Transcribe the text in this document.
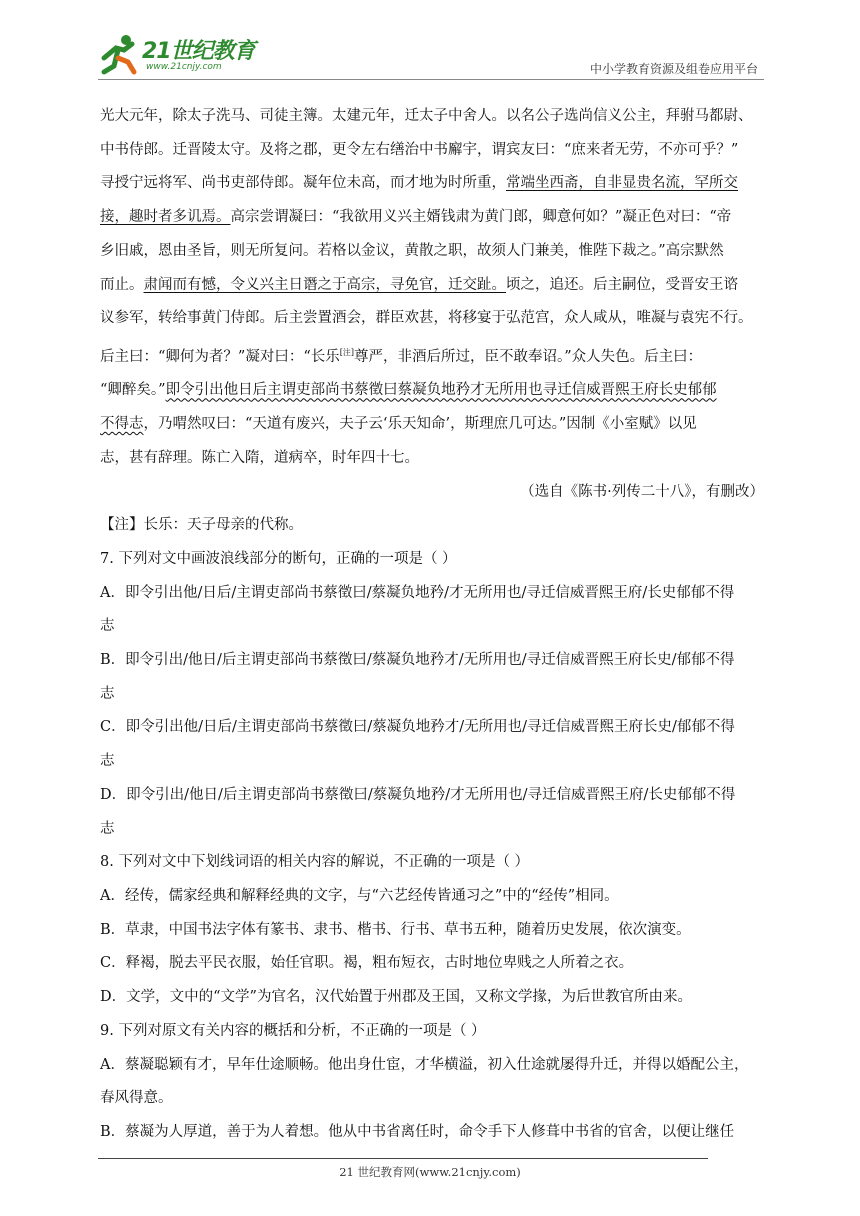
21世纪教育
www.21cnjy.com	中小学教育资源及组卷应用平台

光大元年，除太子洗马、司徒主簿。太建元年，迁太子中舍人。以名公子选尚信义公主，拜驸马都尉、

中书侍郎。迁晋陵太守。及将之郡，更令左右缮治中书廨宇，谓宾友曰：“庶来者无劳，不亦可乎？”

寻授宁远将军、尚书吏部侍郎。凝年位未高，而才地为时所重，常端坐西斋，自非显贵名流，罕所交

接，趣时者多讥焉。高宗尝谓凝曰：“我欲用义兴主婿钱肃为黄门郎，卿意何如？”凝正色对曰：“帝

乡旧戚，恩由圣旨，则无所复问。若格以金议，黄散之职，故须人门兼美，惟陛下裁之。”高宗默然

而止。肃闻而有憾，令义兴主日谮之于高宗，寻免官，迁交趾。顷之，追还。后主嗣位，受晋安王谘

议参军，转给事黄门侍郎。后主尝置酒会，群臣欢甚，将移宴于弘范宫，众人咸从，唯凝与袁宪不行。

后主曰：“卿何为者？”凝对曰：“长乐[注]尊严，非酒后所过，臣不敢奉诏。”众人失色。后主曰：

“卿醉矣。”即令引出他日后主谓吏部尚书蔡徵曰蔡凝负地矜才无所用也寻迁信威晋熙王府长史郁郁

不得志，乃喟然叹曰：“天道有废兴，夫子云‘乐天知命’，斯理庶几可达。”因制《小室赋》以见

志，甚有辞理。陈亡入隋，道病卒，时年四十七。

（选自《陈书·列传二十八》，有删改）

【注】长乐：天子母亲的代称。

7. 下列对文中画波浪线部分的断句，正确的一项是（ ）

A．即令引出他/日后/主谓吏部尚书蔡徵曰/蔡凝负地矜/才无所用也/寻迁信威晋熙王府/长史郁郁不得

志

B．即令引出/他日/后主谓吏部尚书蔡徵曰/蔡凝负地矜才/无所用也/寻迁信威晋熙王府长史/郁郁不得

志

C．即令引出他/日后/主谓吏部尚书蔡徵曰/蔡凝负地矜才/无所用也/寻迁信威晋熙王府长史/郁郁不得

志

D．即令引出/他日/后主谓吏部尚书蔡徵曰/蔡凝负地矜/才无所用也/寻迁信威晋熙王府/长史郁郁不得

志

8. 下列对文中下划线词语的相关内容的解说，不正确的一项是（ ）

A．经传，儒家经典和解释经典的文字，与“六艺经传皆通习之”中的“经传”相同。

B．草隶，中国书法字体有篆书、隶书、楷书、行书、草书五种，随着历史发展，依次演变。

C．释褐，脱去平民衣服，始任官职。褐，粗布短衣，古时地位卑贱之人所着之衣。

D．文学，文中的“文学”为官名，汉代始置于州郡及王国，又称文学掾，为后世教官所由来。

9. 下列对原文有关内容的概括和分析，不正确的一项是（ ）

A．蔡凝聪颖有才，早年仕途顺畅。他出身仕宦，才华横溢，初入仕途就屡得升迁，并得以婚配公主，

春风得意。

B．蔡凝为人厚道，善于为人着想。他从中书省离任时，命令手下人修葺中书省的官舍，以便让继任

21 世纪教育网(www.21cnjy.com)
